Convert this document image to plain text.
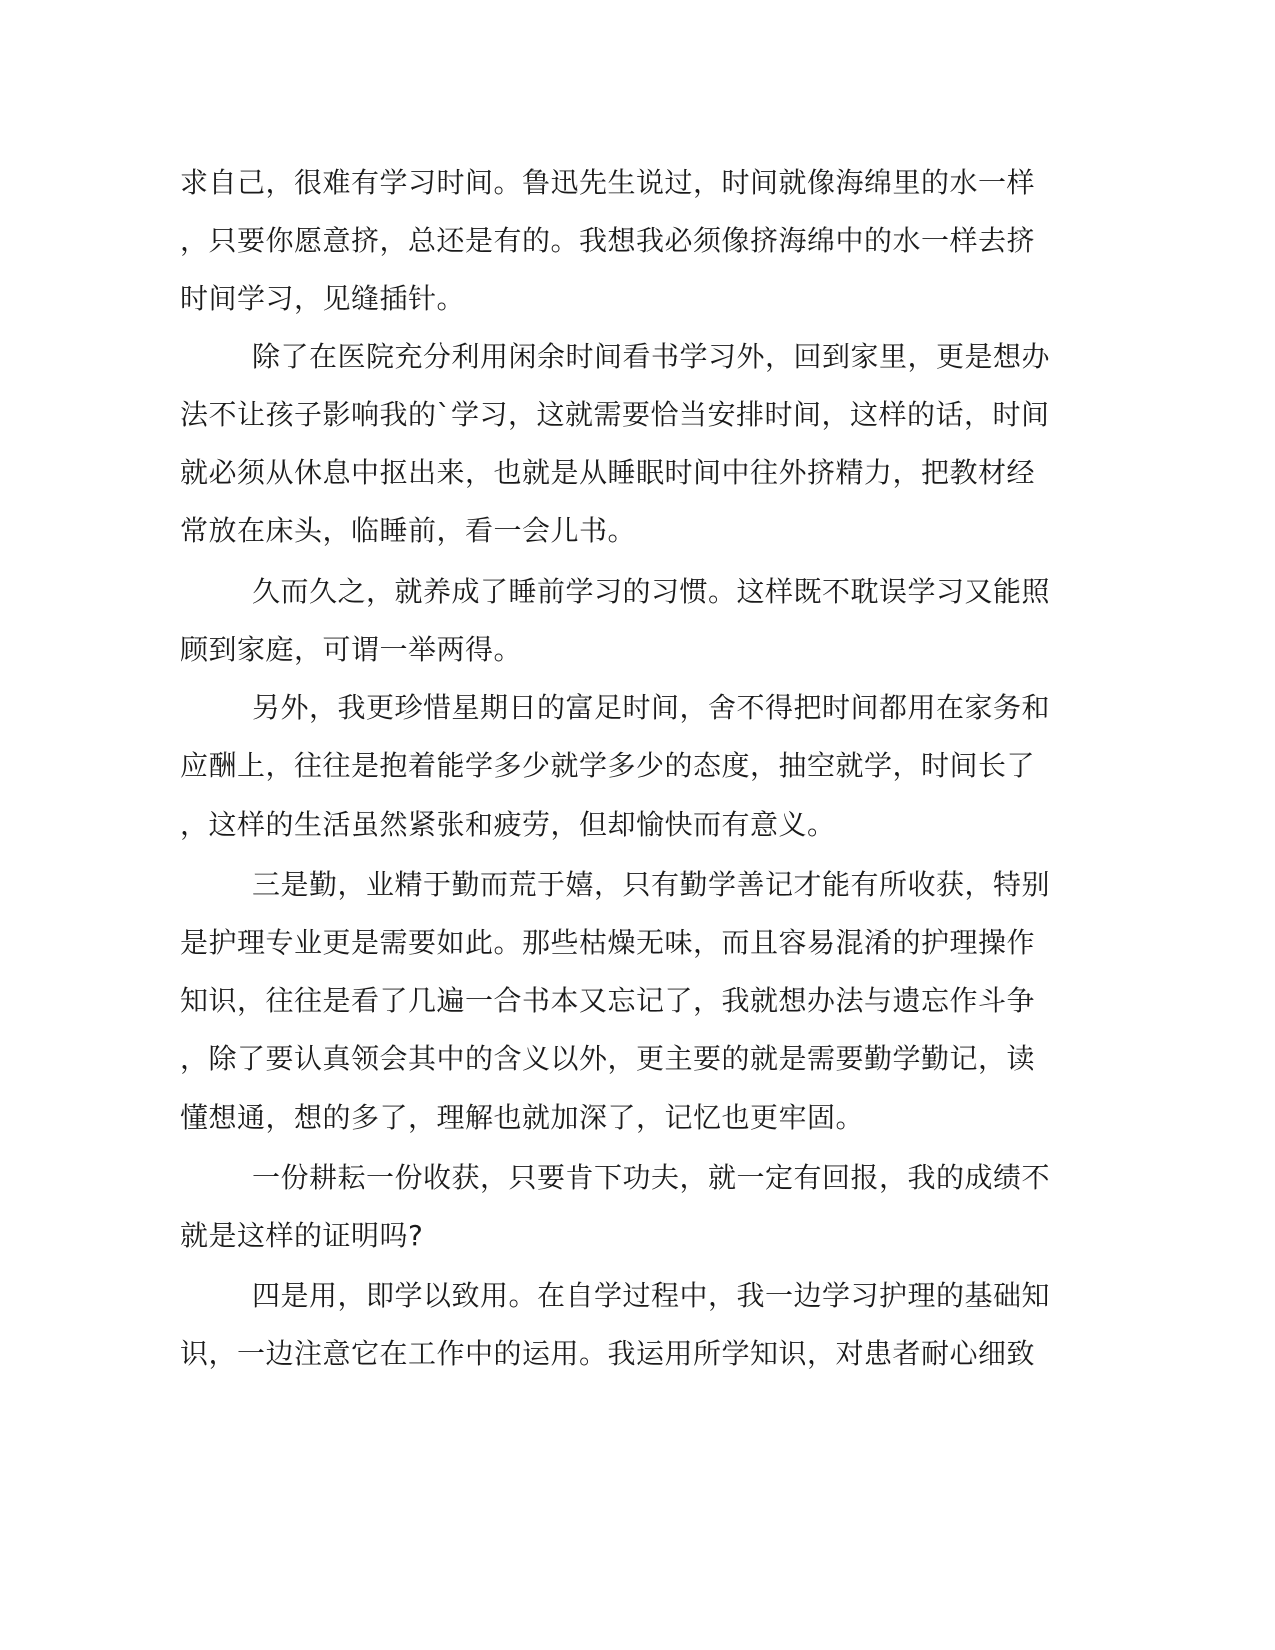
求自己，很难有学习时间。鲁迅先生说过，时间就像海绵里的水一样
，只要你愿意挤，总还是有的。我想我必须像挤海绵中的水一样去挤
时间学习，见缝插针。
除了在医院充分利用闲余时间看书学习外，回到家里，更是想办
法不让孩子影响我的`学习，这就需要恰当安排时间，这样的话，时间
就必须从休息中抠出来，也就是从睡眠时间中往外挤精力，把教材经
常放在床头，临睡前，看一会儿书。
久而久之，就养成了睡前学习的习惯。这样既不耽误学习又能照
顾到家庭，可谓一举两得。
另外，我更珍惜星期日的富足时间，舍不得把时间都用在家务和
应酬上，往往是抱着能学多少就学多少的态度，抽空就学，时间长了
，这样的生活虽然紧张和疲劳，但却愉快而有意义。
三是勤，业精于勤而荒于嬉，只有勤学善记才能有所收获，特别
是护理专业更是需要如此。那些枯燥无味，而且容易混淆的护理操作
知识，往往是看了几遍一合书本又忘记了，我就想办法与遗忘作斗争
，除了要认真领会其中的含义以外，更主要的就是需要勤学勤记，读
懂想通，想的多了，理解也就加深了，记忆也更牢固。
一份耕耘一份收获，只要肯下功夫，就一定有回报，我的成绩不
就是这样的证明吗?
四是用，即学以致用。在自学过程中，我一边学习护理的基础知
识，一边注意它在工作中的运用。我运用所学知识，对患者耐心细致
